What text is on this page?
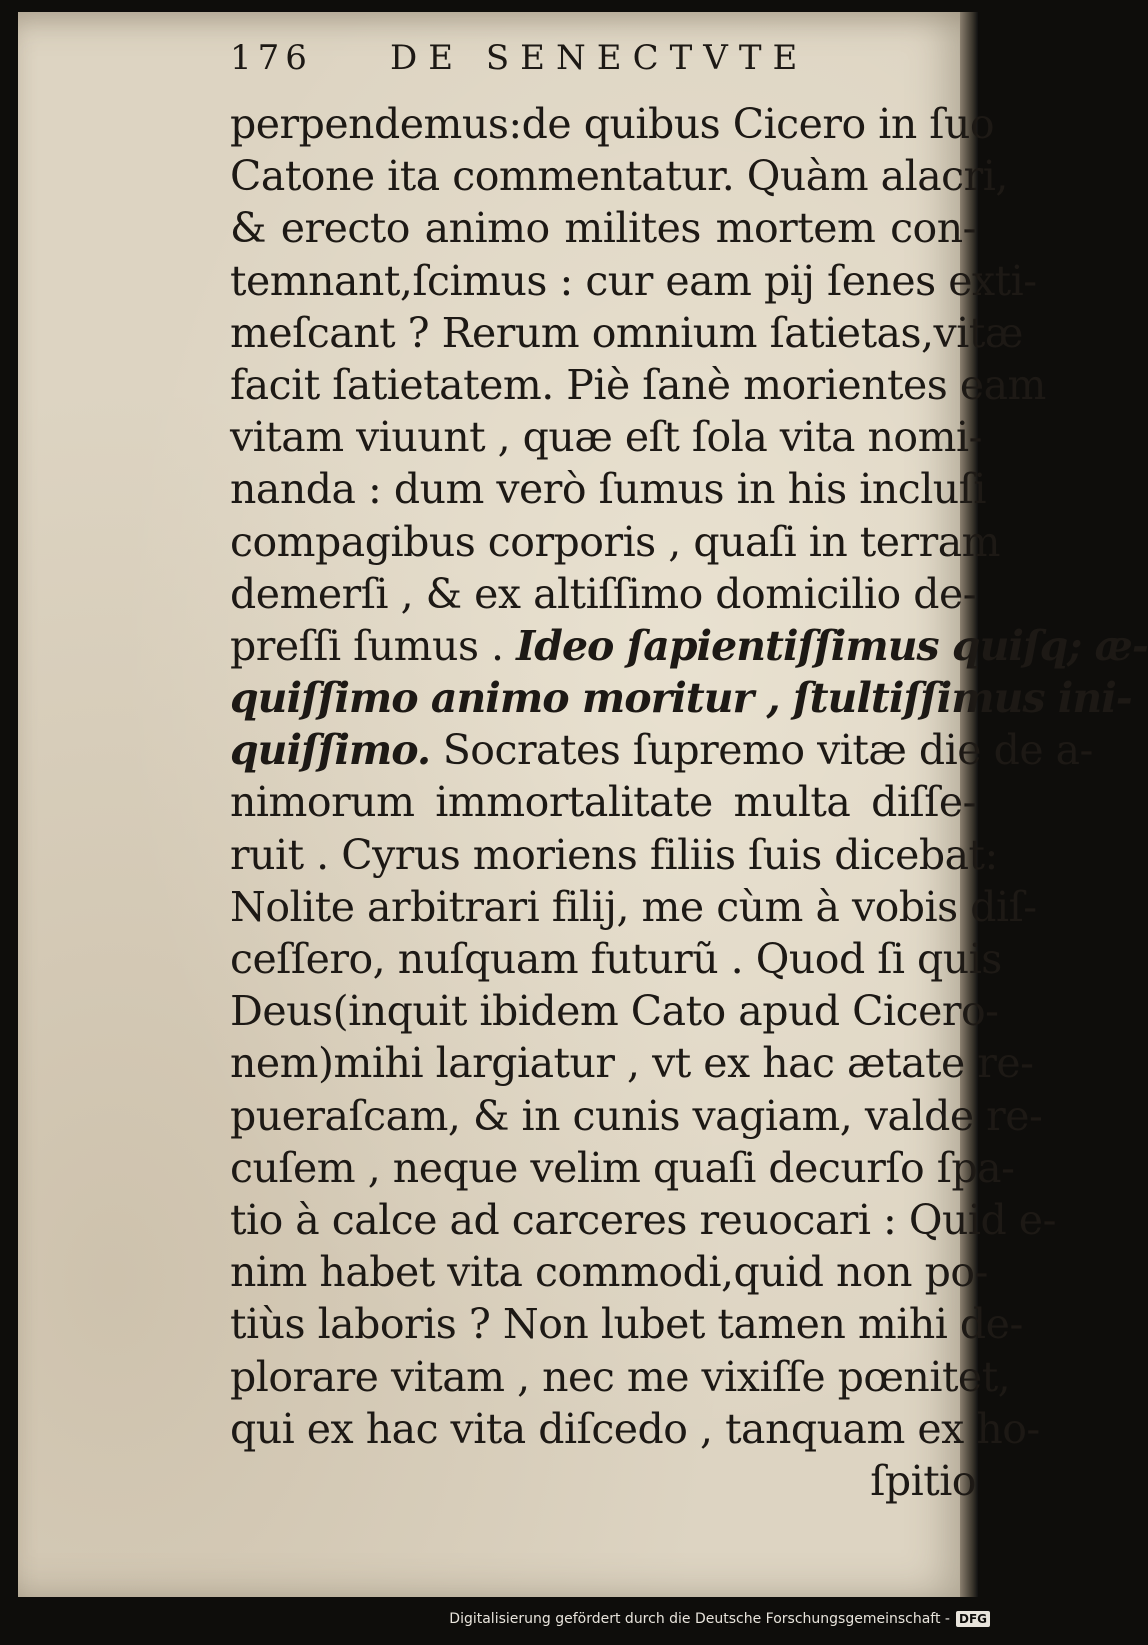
176	DE SENECTVTE
perpendemus:de quibus Cicero in ſuo
Catone ita commentatur. Quàm alacri,
& erecto animo milites mortem con-
temnant,ſcimus : cur eam pij ſenes exti-
meſcant ? Rerum omnium ſatietas,vitæ
facit ſatietatem. Piè ſanè morientes eam
vitam viuunt , quæ eſt ſola vita nomi-
nanda : dum verò ſumus in his incluſi
compagibus corporis , quaſi in terram
demerſi , & ex altiſſimo domicilio de-
preſſi ſumus . Ideo ſapientiſſimus quiſq; æ-
quiſſimo animo moritur , ſtultiſſimus ini-
quiſſimo. Socrates ſupremo vitæ die de a-
nimorum immortalitate multa diſſe-
ruit . Cyrus moriens filiis ſuis dicebat:
Nolite arbitrari filij, me cùm à vobis diſ-
ceſſero, nuſquam futurũ . Quod ſi quis
Deus(inquit ibidem Cato apud Cicero-
nem)mihi largiatur , vt ex hac ætate re-
pueraſcam, & in cunis vagiam, valde re-
cuſem , neque velim quaſi decurſo ſpa-
tio à calce ad carceres reuocari : Quid e-
nim habet vita commodi,quid non po-
tiùs laboris ? Non lubet tamen mihi de-
plorare vitam , nec me vixiſſe pœnitet,
qui ex hac vita diſcedo , tanquam ex ho-
ſpitio
Digitalisierung gefördert durch die Deutsche Forschungsgemeinschaft - DFG
